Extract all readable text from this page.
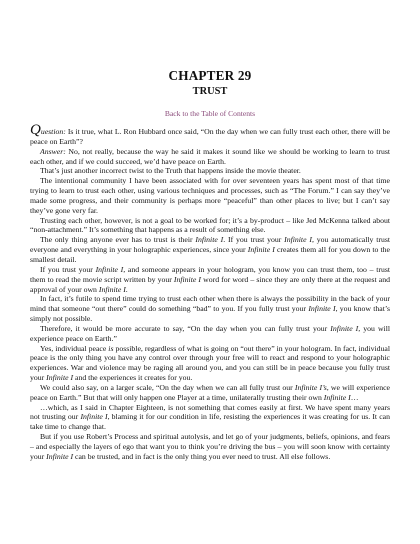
CHAPTER 29
TRUST
Back to the Table of Contents

Question: Is it true, what L. Ron Hubbard once said, “On the day when we can fully trust each other, there will be peace on Earth”?

Answer: No, not really, because the way he said it makes it sound like we should be working to learn to trust each other, and if we could succeed, we’d have peace on Earth.

That’s just another incorrect twist to the Truth that happens inside the movie theater.

The intentional community I have been associated with for over seventeen years has spent most of that time trying to learn to trust each other, using various techniques and processes, such as “The Forum.” I can say they’ve made some progress, and their community is perhaps more “peaceful” than other places to live; but I can’t say they’ve gone very far.

Trusting each other, however, is not a goal to be worked for; it’s a by-product – like Jed McKenna talked about “non-attachment.” It’s something that happens as a result of something else.

The only thing anyone ever has to trust is their Infinite I. If you trust your Infinite I, you automatically trust everyone and everything in your holographic experiences, since your Infinite I creates them all for you down to the smallest detail.

If you trust your Infinite I, and someone appears in your hologram, you know you can trust them, too – trust them to read the movie script written by your Infinite I word for word – since they are only there at the request and approval of your own Infinite I.

In fact, it’s futile to spend time trying to trust each other when there is always the possibility in the back of your mind that someone “out there” could do something “bad” to you. If you fully trust your Infinite I, you know that’s simply not possible.

Therefore, it would be more accurate to say, “On the day when you can fully trust your Infinite I, you will experience peace on Earth.”

Yes, individual peace is possible, regardless of what is going on “out there” in your hologram. In fact, individual peace is the only thing you have any control over through your free will to react and respond to your holographic experiences. War and violence may be raging all around you, and you can still be in peace because you fully trust your Infinite I and the experiences it creates for you.

We could also say, on a larger scale, “On the day when we can all fully trust our Infinite I’s, we will experience peace on Earth.” But that will only happen one Player at a time, unilaterally trusting their own Infinite I…

…which, as I said in Chapter Eighteen, is not something that comes easily at first. We have spent many years not trusting our Infinite I, blaming it for our condition in life, resisting the experiences it was creating for us. It can take time to change that.

But if you use Robert’s Process and spiritual autolysis, and let go of your judgments, beliefs, opinions, and fears – and especially the layers of ego that want you to think you’re driving the bus – you will soon know with certainty your Infinite I can be trusted, and in fact is the only thing you ever need to trust. All else follows.
